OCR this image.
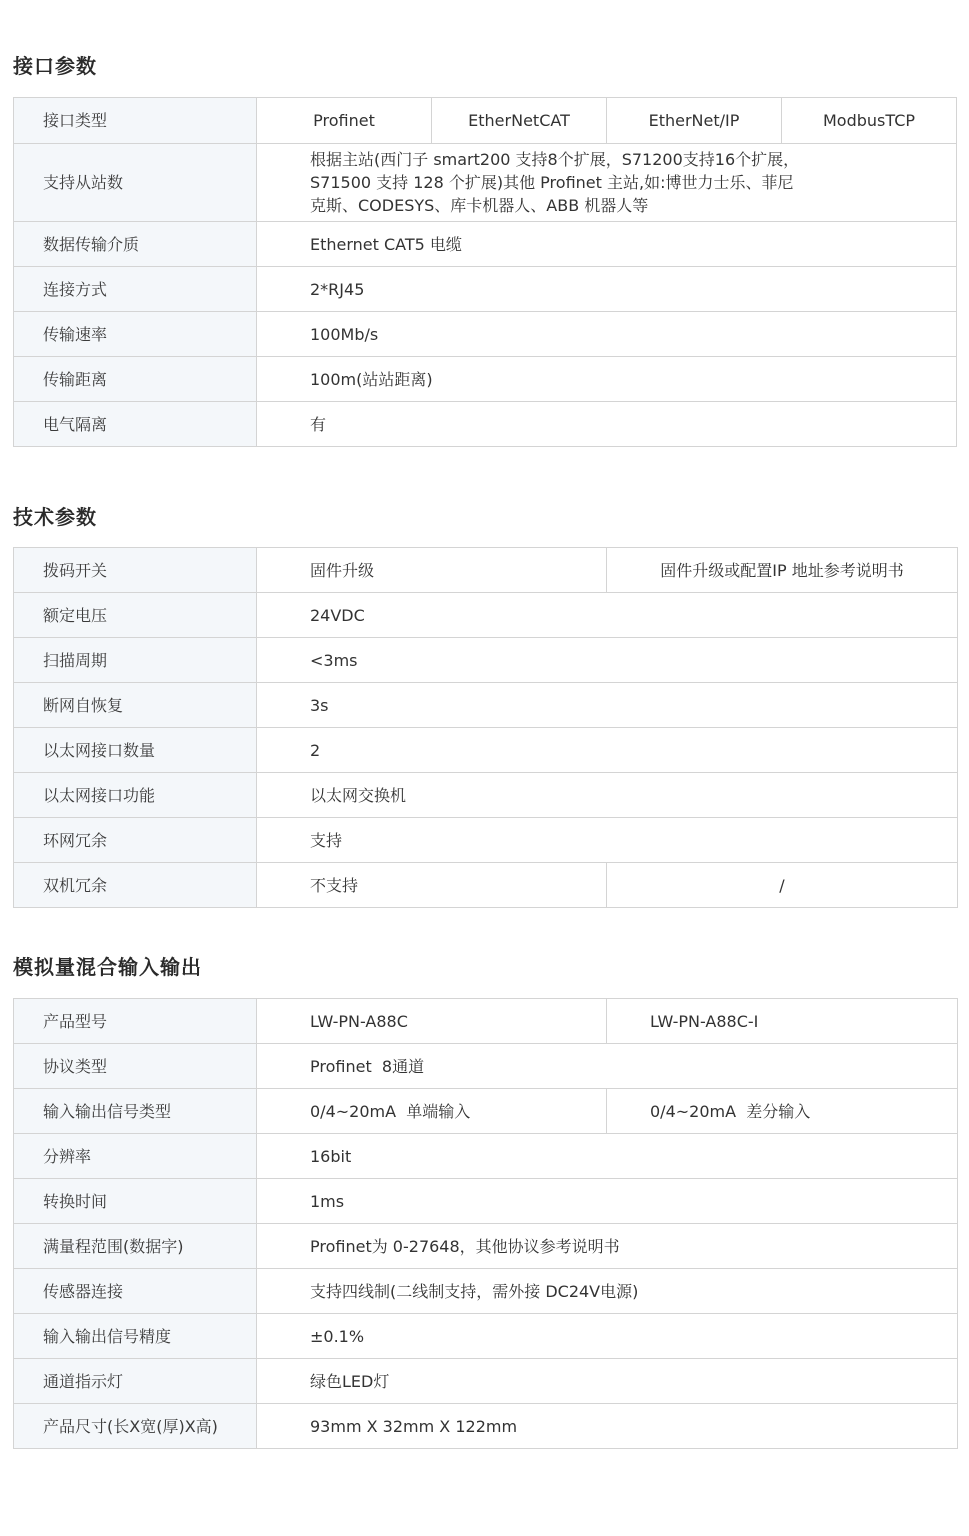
接口参数
接口类型	Profinet EtherNetCAT EtherNet/IP ModbusTCP

支持从站数	根据主站(西门子 smart200 支持8个扩展，S71200支持16个扩展，
S71500 支持 128 个扩展)其他 Profinet 主站,如:博世力士乐、菲尼
克斯、CODESYS、库卡机器人、ABB 机器人等

数据传输介质	Ethernet CAT5 电缆
连接方式	2*RJ45
传输速率	100Mb/s
传输距离	100m(站站距离)
电气隔离	有
技术参数
拨码开关	固件升级	固件升级或配置IP 地址参考说明书
额定电压	24VDC	
扫描周期	<3ms	
断网自恢复	3s	
以太网接口数量	2	
以太网接口功能	以太网交换机	
环网冗余	支持	
双机冗余	不支持	/
模拟量混合输入输出
产品型号	LW-PN-A88C	LW-PN-A88C-I
协议类型	Profinet  8通道	
输入输出信号类型	0/4~20mA  单端输入	0/4~20mA  差分输入
分辨率	16bit	
转换时间	1ms	
满量程范围(数据字)	Profinet为 0-27648，其他协议参考说明书	
传感器连接	支持四线制(二线制支持，需外接 DC24V电源)	
输入输出信号精度	±0.1%	
通道指示灯	绿色LED灯	
产品尺寸(长X宽(厚)X高)	93mm X 32mm X 122mm	
